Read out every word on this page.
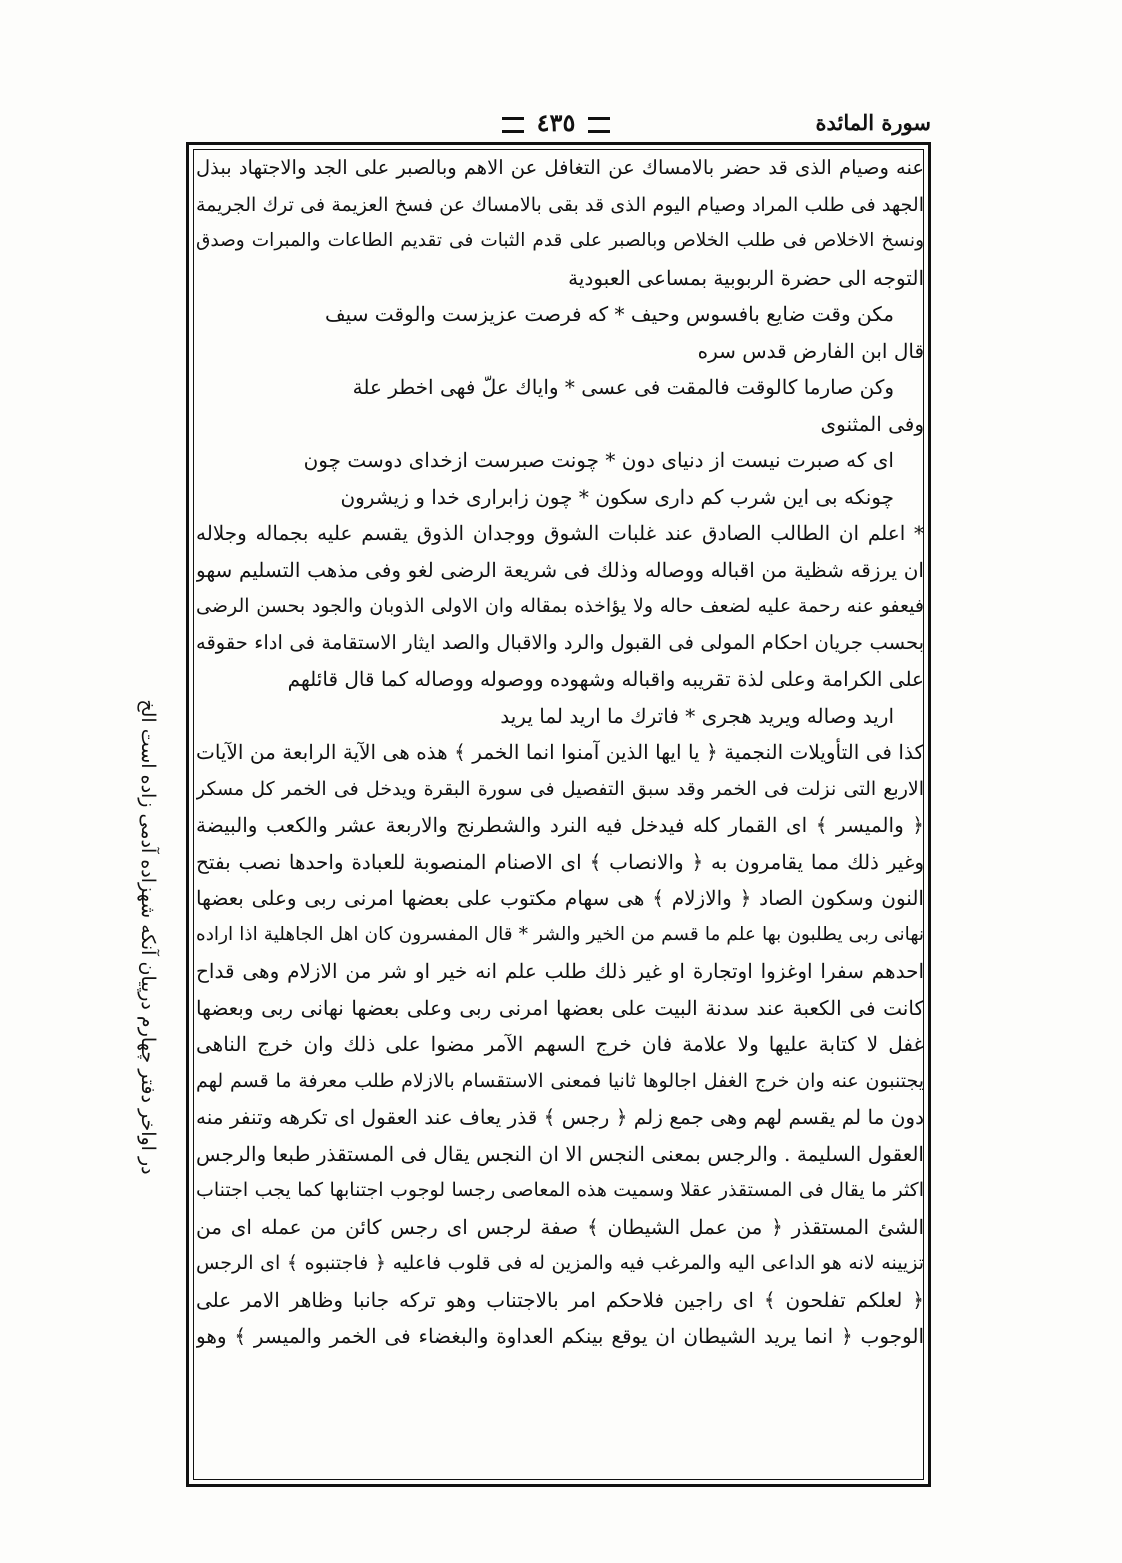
سورة المائدة
٤٣٥
در اواخر دفتر چهارم درپيان آنكه شهزاده آدمى زاده است الخ
عنه وصيام الذى قد حضر بالامساك عن التغافل عن الاهم وبالصبر على الجد والاجتهاد ببذل
الجهد فى طلب المراد وصيام اليوم الذى قد بقى بالامساك عن فسخ العزيمة فى ترك الجريمة
ونسخ الاخلاص فى طلب الخلاص وبالصبر على قدم الثبات فى تقديم الطاعات والمبرات وصدق
التوجه الى حضرة الربوبية بمساعى العبودية
مكن وقت ضايع بافسوس وحيف * كه فرصت عزيزست والوقت سيف
قال ابن الفارض قدس سره
وكن صارما كالوقت فالمقت فى عسى * واياك علّ فهى اخطر علة
وفى المثنوى
اى كه صبرت نيست از دنياى دون * چونت صبرست ازخداى دوست چون
چونكه بى اين شرب كم دارى سكون * چون زابرارى خدا و زيشرون
* اعلم ان الطالب الصادق عند غلبات الشوق ووجدان الذوق يقسم عليه بجماله وجلاله
ان يرزقه شظية من اقباله ووصاله وذلك فى شريعة الرضى لغو وفى مذهب التسليم سهو
فيعفو عنه رحمة عليه لضعف حاله ولا يؤاخذه بمقاله وان الاولى الذوبان والجود بحسن الرضى
بحسب جريان احكام المولى فى القبول والرد والاقبال والصد ايثار الاستقامة فى اداء حقوقه
على الكرامة وعلى لذة تقريبه واقباله وشهوده ووصوله ووصاله كما قال قائلهم
اريد وصاله ويريد هجرى * فاترك ما اريد لما يريد
كذا فى التأويلات النجمية ﴿ يا ايها الذين آمنوا انما الخمر ﴾ هذه هى الآية الرابعة من الآيات
الاربع التى نزلت فى الخمر وقد سبق التفصيل فى سورة البقرة ويدخل فى الخمر كل مسكر
﴿ والميسر ﴾ اى القمار كله فيدخل فيه النرد والشطرنج والاربعة عشر والكعب والبيضة
وغير ذلك مما يقامرون به ﴿ والانصاب ﴾ اى الاصنام المنصوبة للعبادة واحدها نصب بفتح
النون وسكون الصاد ﴿ والازلام ﴾ هى سهام مكتوب على بعضها امرنى ربى وعلى بعضها
نهانى ربى يطلبون بها علم ما قسم من الخير والشر * قال المفسرون كان اهل الجاهلية اذا اراده
احدهم سفرا اوغزوا اوتجارة او غير ذلك طلب علم انه خير او شر من الازلام وهى قداح
كانت فى الكعبة عند سدنة البيت على بعضها امرنى ربى وعلى بعضها نهانى ربى وبعضها
غفل لا كتابة عليها ولا علامة فان خرج السهم الآمر مضوا على ذلك وان خرج الناهى
يجتنبون عنه وان خرج الغفل اجالوها ثانيا فمعنى الاستقسام بالازلام طلب معرفة ما قسم لهم
دون ما لم يقسم لهم وهى جمع زلم ﴿ رجس ﴾ قذر يعاف عند العقول اى تكرهه وتنفر منه
العقول السليمة . والرجس بمعنى النجس الا ان النجس يقال فى المستقذر طبعا والرجس
اكثر ما يقال فى المستقذر عقلا وسميت هذه المعاصى رجسا لوجوب اجتنابها كما يجب اجتناب
الشئ المستقذر ﴿ من عمل الشيطان ﴾ صفة لرجس اى رجس كائن من عمله اى من
تزيينه لانه هو الداعى اليه والمرغب فيه والمزين له فى قلوب فاعليه ﴿ فاجتنبوه ﴾ اى الرجس
﴿ لعلكم تفلحون ﴾ اى راجين فلاحكم امر بالاجتناب وهو تركه جانبا وظاهر الامر على
الوجوب ﴿ انما يريد الشيطان ان يوقع بينكم العداوة والبغضاء فى الخمر والميسر ﴾ وهو
